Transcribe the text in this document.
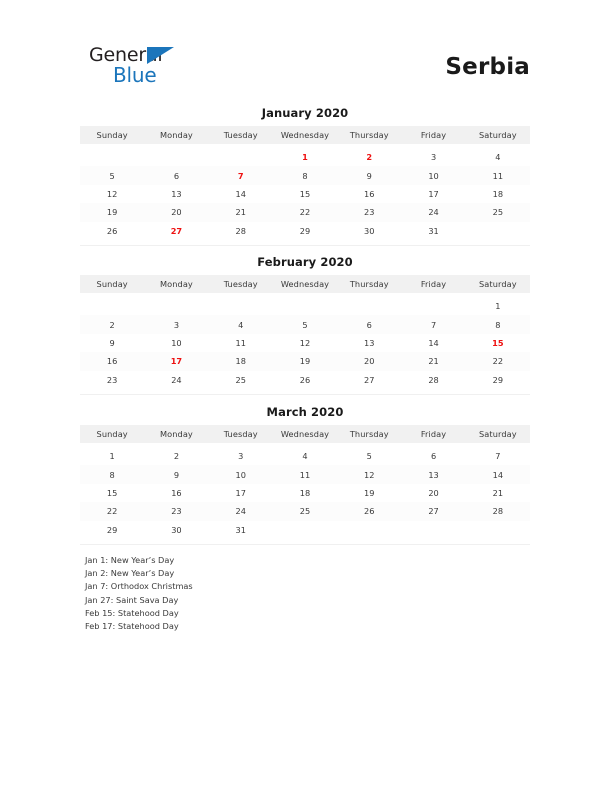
General
Blue	Serbia
January 2020
Sunday	Monday	Tuesday	Wednesday	Thursday	Friday	Saturday

			1	2	3	4
5	6	7	8	9	10	11
12	13	14	15	16	17	18
19	20	21	22	23	24	25
26	27	28	29	30	31	

February 2020
Sunday	Monday	Tuesday	Wednesday	Thursday	Friday	Saturday

						1
2	3	4	5	6	7	8
9	10	11	12	13	14	15
16	17	18	19	20	21	22
23	24	25	26	27	28	29

March 2020
Sunday	Monday	Tuesday	Wednesday	Thursday	Friday	Saturday

1	2	3	4	5	6	7
8	9	10	11	12	13	14
15	16	17	18	19	20	21
22	23	24	25	26	27	28
29	30	31				

Jan 1: New Year’s Day
Jan 2: New Year’s Day
Jan 7: Orthodox Christmas
Jan 27: Saint Sava Day
Feb 15: Statehood Day
Feb 17: Statehood Day
